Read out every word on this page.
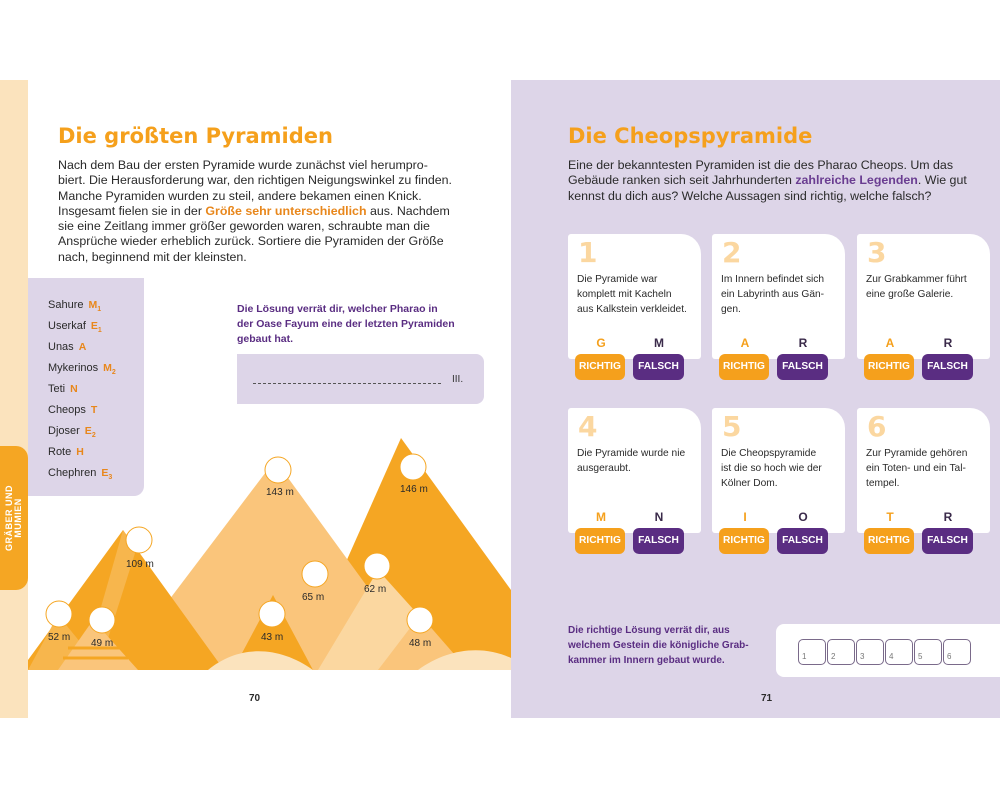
GRÄBER UND MUMIEN
Die größten Pyramiden
Nach dem Bau der ersten Pyramide wurde zunächst viel herumpro-
biert. Die Herausforderung war, den richtigen Neigungswinkel zu finden.
Manche Pyramiden wurden zu steil, andere bekamen einen Knick.
Insgesamt fielen sie in der Größe sehr unterschiedlich aus. Nachdem
sie eine Zeitlang immer größer geworden waren, schraubte man die
Ansprüche wieder erheblich zurück. Sortiere die Pyramiden der Größe
nach, beginnend mit der kleinsten.
Sahure $M_1$
Userkaf $E_1$
Unas A
Mykerinos $M_2$
Teti N
Cheops T
Djoser $E_2$
Rote H
Chephren $E_3$
Die Lösung verrät dir, welcher Pharao in
der Oase Fayum eine der letzten Pyramiden
gebaut hat.
III.
143 m	146 m
109 m
65 m
62 m
52 m
49 m
43 m
48 m
70
Die Cheopspyramide
Eine der bekanntesten Pyramiden ist die des Pharao Cheops. Um das
Gebäude ranken sich seit Jahrhunderten zahlreiche Legenden. Wie gut
kennst du dich aus? Welche Aussagen sind richtig, welche falsch?
1
Die Pyramide war
komplett mit Kacheln
aus Kalkstein verkleidet.
G	M
RICHTIG	FALSCH
2
Im Innern befindet sich
ein Labyrinth aus Gän-
gen.
A	R
RICHTIG	FALSCH
3
Zur Grabkammer führt
eine große Galerie.
A	R
RICHTIG	FALSCH
4
Die Pyramide wurde nie
ausgeraubt.
M	N
RICHTIG	FALSCH
5
Die Cheopspyramide
ist die so hoch wie der
Kölner Dom.
I	O
RICHTIG	FALSCH
6
Zur Pyramide gehören
ein Toten- und ein Tal-
tempel.
T	R
RICHTIG	FALSCH
Die richtige Lösung verrät dir, aus
welchem Gestein die königliche Grab-
kammer im Innern gebaut wurde.	1	2	3	4	5	6
71
